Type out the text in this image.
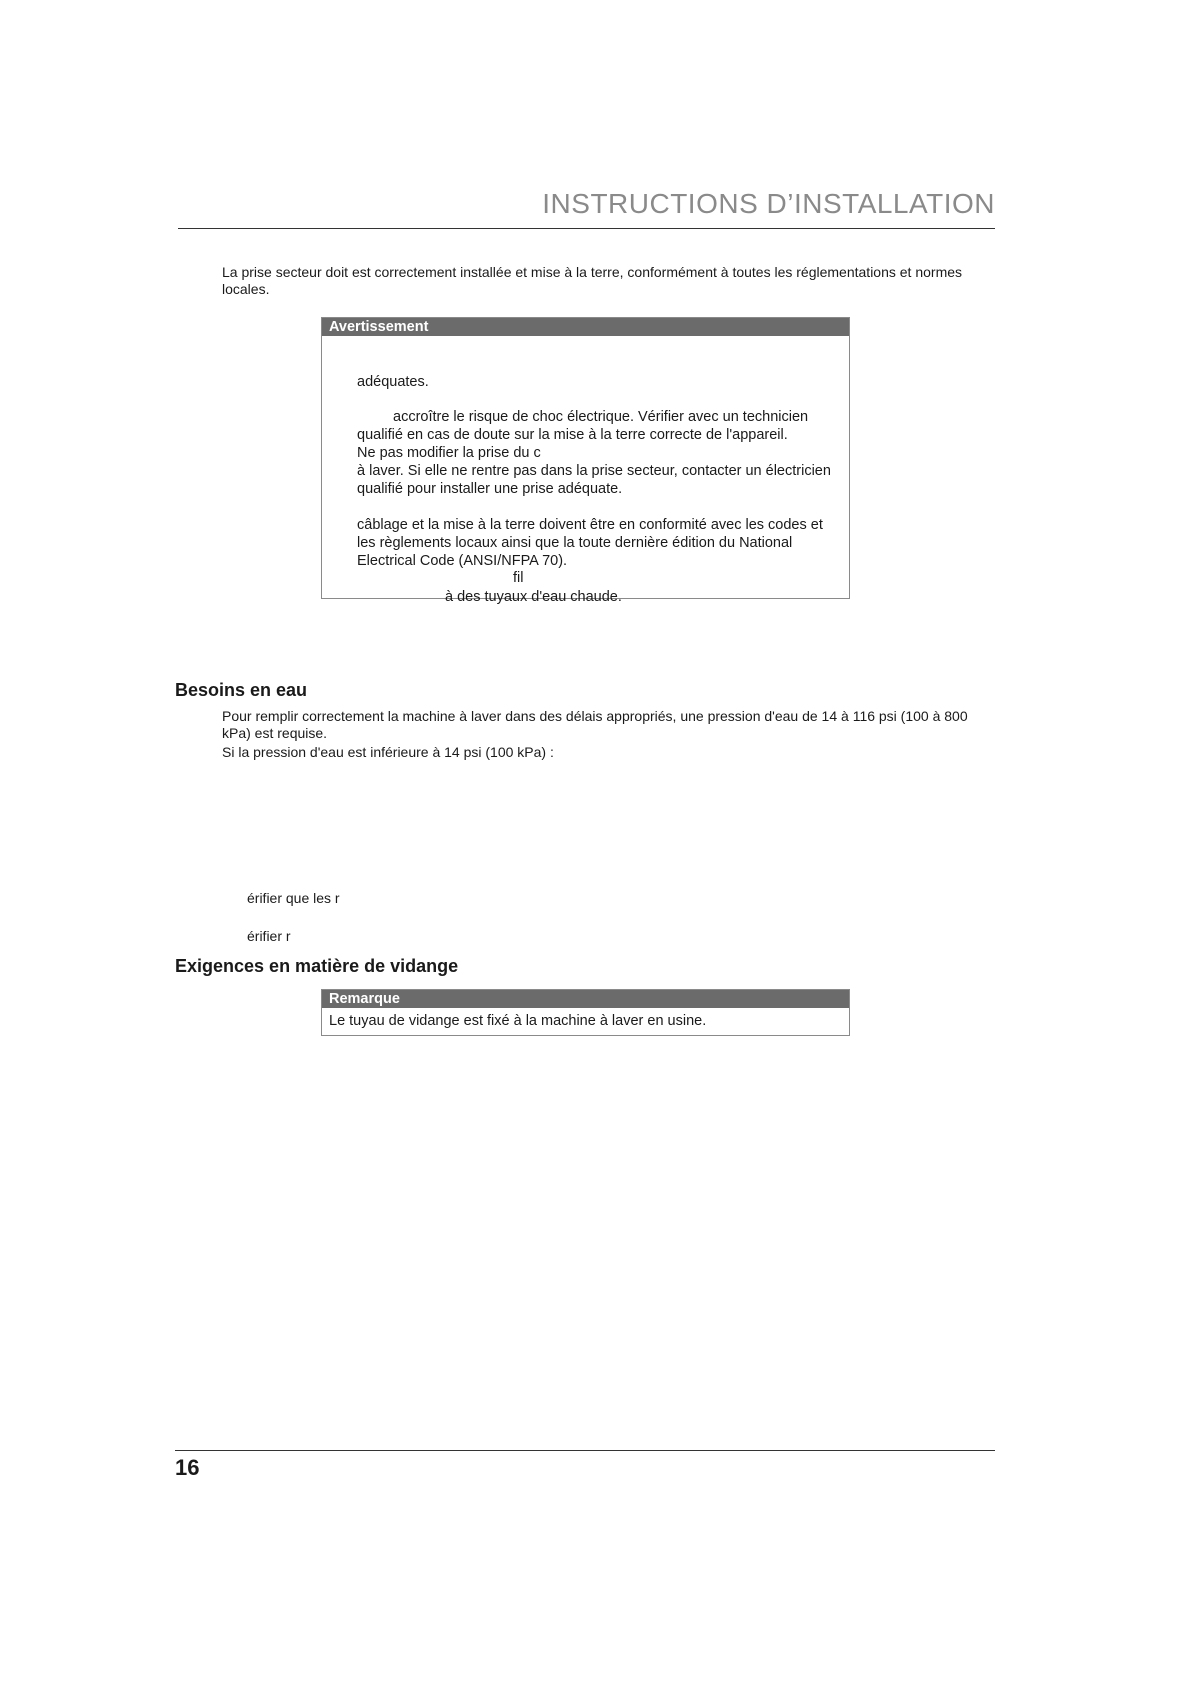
INSTRUCTIONS D’INSTALLATION
La prise secteur doit est correctement installée et mise à la terre, conformément à toutes les réglementations et normes locales.
Avertissement
adéquates.
accroître le risque de choc électrique. Vérifier avec un technicien
qualifié en cas de doute sur la mise à la terre correcte de l'appareil.
Ne pas modifier la prise du c
à laver. Si elle ne rentre pas dans la prise secteur, contacter un électricien
qualifié pour installer une prise adéquate.
câblage et la mise à la terre doivent être en conformité avec les codes et
les règlements locaux ainsi que la toute dernière édition du National
Electrical Code (ANSI/NFPA 70).
fil
à des tuyaux d'eau chaude.
Besoins en eau
Pour remplir correctement la machine à laver dans des délais appropriés, une pression d'eau de 14 à 116 psi (100 à 800 kPa) est requise.
Si la pression d'eau est inférieure à 14 psi (100 kPa) :
érifier que les r
érifier r
Exigences en matière de vidange
Remarque
Le tuyau de vidange est fixé à la machine à laver en usine.
16
